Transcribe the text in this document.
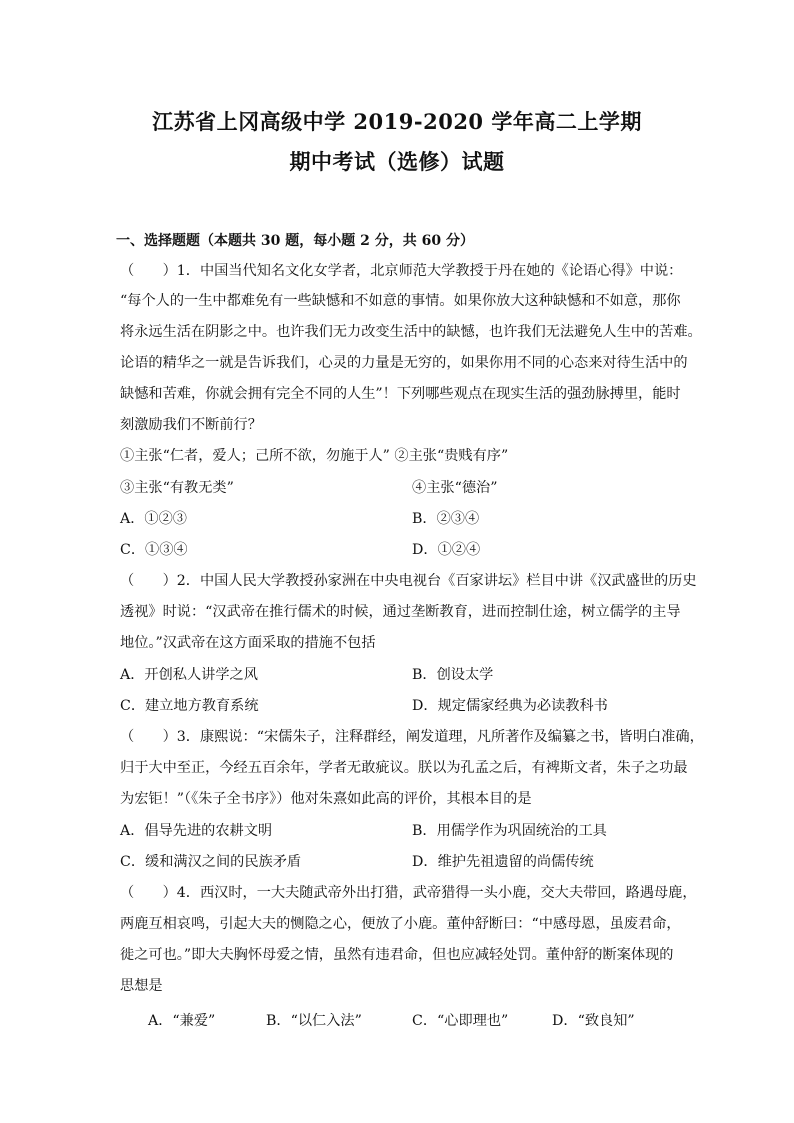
江苏省上冈高级中学 2019-2020 学年高二上学期
期中考试（选修）试题
一、选择题题（本题共 30 题，每小题 2 分，共 60 分）
（　　）1．中国当代知名文化女学者，北京师范大学教授于丹在她的《论语心得》中说：
“每个人的一生中都难免有一些缺憾和不如意的事情。如果你放大这种缺憾和不如意，那你
将永远生活在阴影之中。也许我们无力改变生活中的缺憾，也许我们无法避免人生中的苦难。
论语的精华之一就是告诉我们，心灵的力量是无穷的，如果你用不同的心态来对待生活中的
缺憾和苦难，你就会拥有完全不同的人生”！下列哪些观点在现实生活的强劲脉搏里，能时
刻激励我们不断前行？
①主张“仁者，爱人；己所不欲，勿施于人” ②主张“贵贱有序”
③主张“有教无类”	④主张“德治”
A．①②③	B．②③④
C．①③④	D．①②④
（　　）2．中国人民大学教授孙家洲在中央电视台《百家讲坛》栏目中讲《汉武盛世的历史
透视》时说：“汉武帝在推行儒术的时候，通过垄断教育，进而控制仕途，树立儒学的主导
地位。”汉武帝在这方面采取的措施不包括
A．开创私人讲学之风	B．创设太学
C．建立地方教育系统	D．规定儒家经典为必读教科书
（　　）3．康熙说：“宋儒朱子，注释群经，阐发道理，凡所著作及编纂之书，皆明白准确，
归于大中至正，今经五百余年，学者无敢疵议。朕以为孔孟之后，有裨斯文者，朱子之功最
为宏钜！”（《朱子全书序》）他对朱熹如此高的评价，其根本目的是
A．倡导先进的农耕文明	B．用儒学作为巩固统治的工具
C．缓和满汉之间的民族矛盾	D．维护先祖遗留的尚儒传统
（　　）4．西汉时，一大夫随武帝外出打猎，武帝猎得一头小鹿，交大夫带回，路遇母鹿，
两鹿互相哀鸣，引起大夫的恻隐之心，便放了小鹿。董仲舒断曰：“中感母恩，虽废君命，
徙之可也。”即大夫胸怀母爱之情，虽然有违君命，但也应减轻处罚。董仲舒的断案体现的
思想是
A．“兼爱”	B．“以仁入法”	C．“心即理也”	D．“致良知”
